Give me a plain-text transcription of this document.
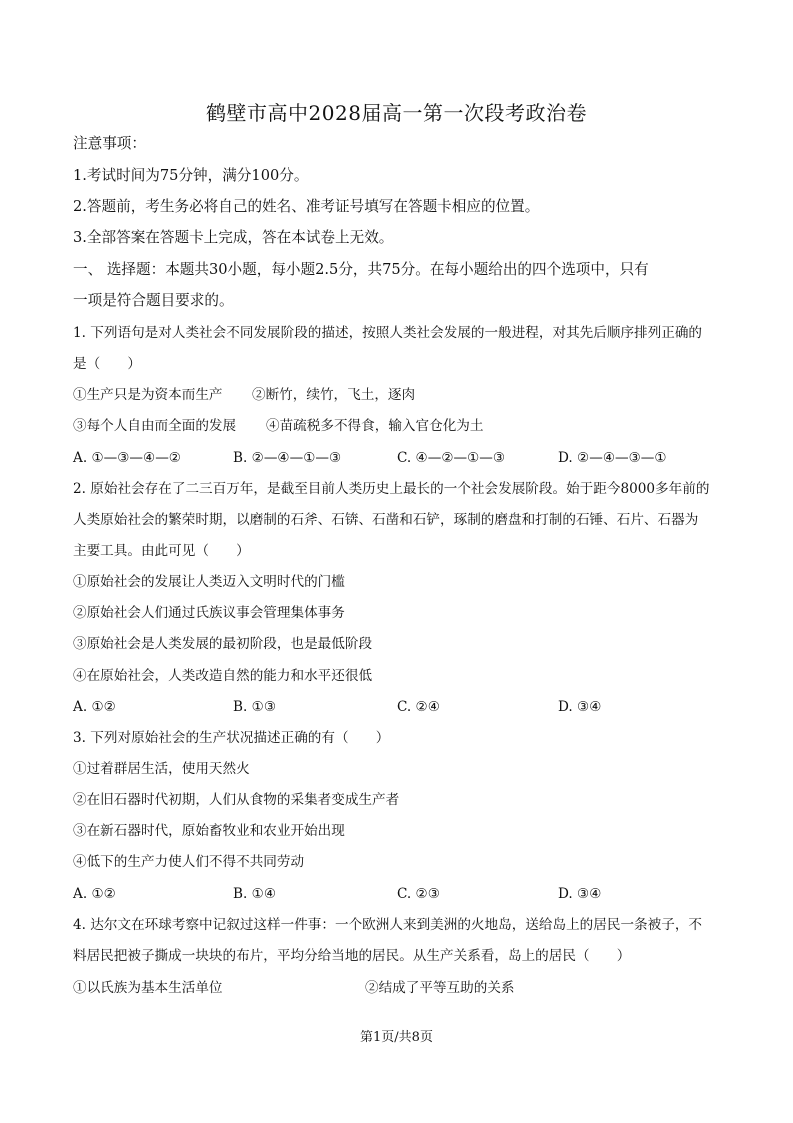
鹤壁市高中2028届高一第一次段考政治卷
注意事项：
1.考试时间为75分钟，满分100分。
2.答题前，考生务必将自己的姓名、准考证号填写在答题卡相应的位置。
3.全部答案在答题卡上完成，答在本试卷上无效。
一、 选择题：本题共30小题，每小题2.5分，共75分。在每小题给出的四个选项中，只有
一项是符合题目要求的。
1. 下列语句是对人类社会不同发展阶段的描述，按照人类社会发展的一般进程，对其先后顺序排列正确的
是（　　）
①生产只是为资本而生产 ②断竹，续竹，飞土，逐肉
③每个人自由而全面的发展 ④苗疏税多不得食，输入官仓化为土
A. ①—③—④—②	B. ②—④—①—③	C. ④—②—①—③	D. ②—④—③—①
2. 原始社会存在了二三百万年，是截至目前人类历史上最长的一个社会发展阶段。始于距今8000多年前的
人类原始社会的繁荣时期，以磨制的石斧、石锛、石凿和石铲，琢制的磨盘和打制的石锤、石片、石器为
主要工具。由此可见（　　）
①原始社会的发展让人类迈入文明时代的门槛
②原始社会人们通过氏族议事会管理集体事务
③原始社会是人类发展的最初阶段，也是最低阶段
④在原始社会，人类改造自然的能力和水平还很低
A. ①②	B. ①③	C. ②④	D. ③④
3. 下列对原始社会的生产状况描述正确的有（　　）
①过着群居生活，使用天然火
②在旧石器时代初期，人们从食物的采集者变成生产者
③在新石器时代，原始畜牧业和农业开始出现
④低下的生产力使人们不得不共同劳动
A. ①②	B. ①④	C. ②③	D. ③④
4. 达尔文在环球考察中记叙过这样一件事：一个欧洲人来到美洲的火地岛，送给岛上的居民一条被子，不
料居民把被子撕成一块块的布片，平均分给当地的居民。从生产关系看，岛上的居民（　　）
①以氏族为基本生活单位	②结成了平等互助的关系
第1页/共8页
